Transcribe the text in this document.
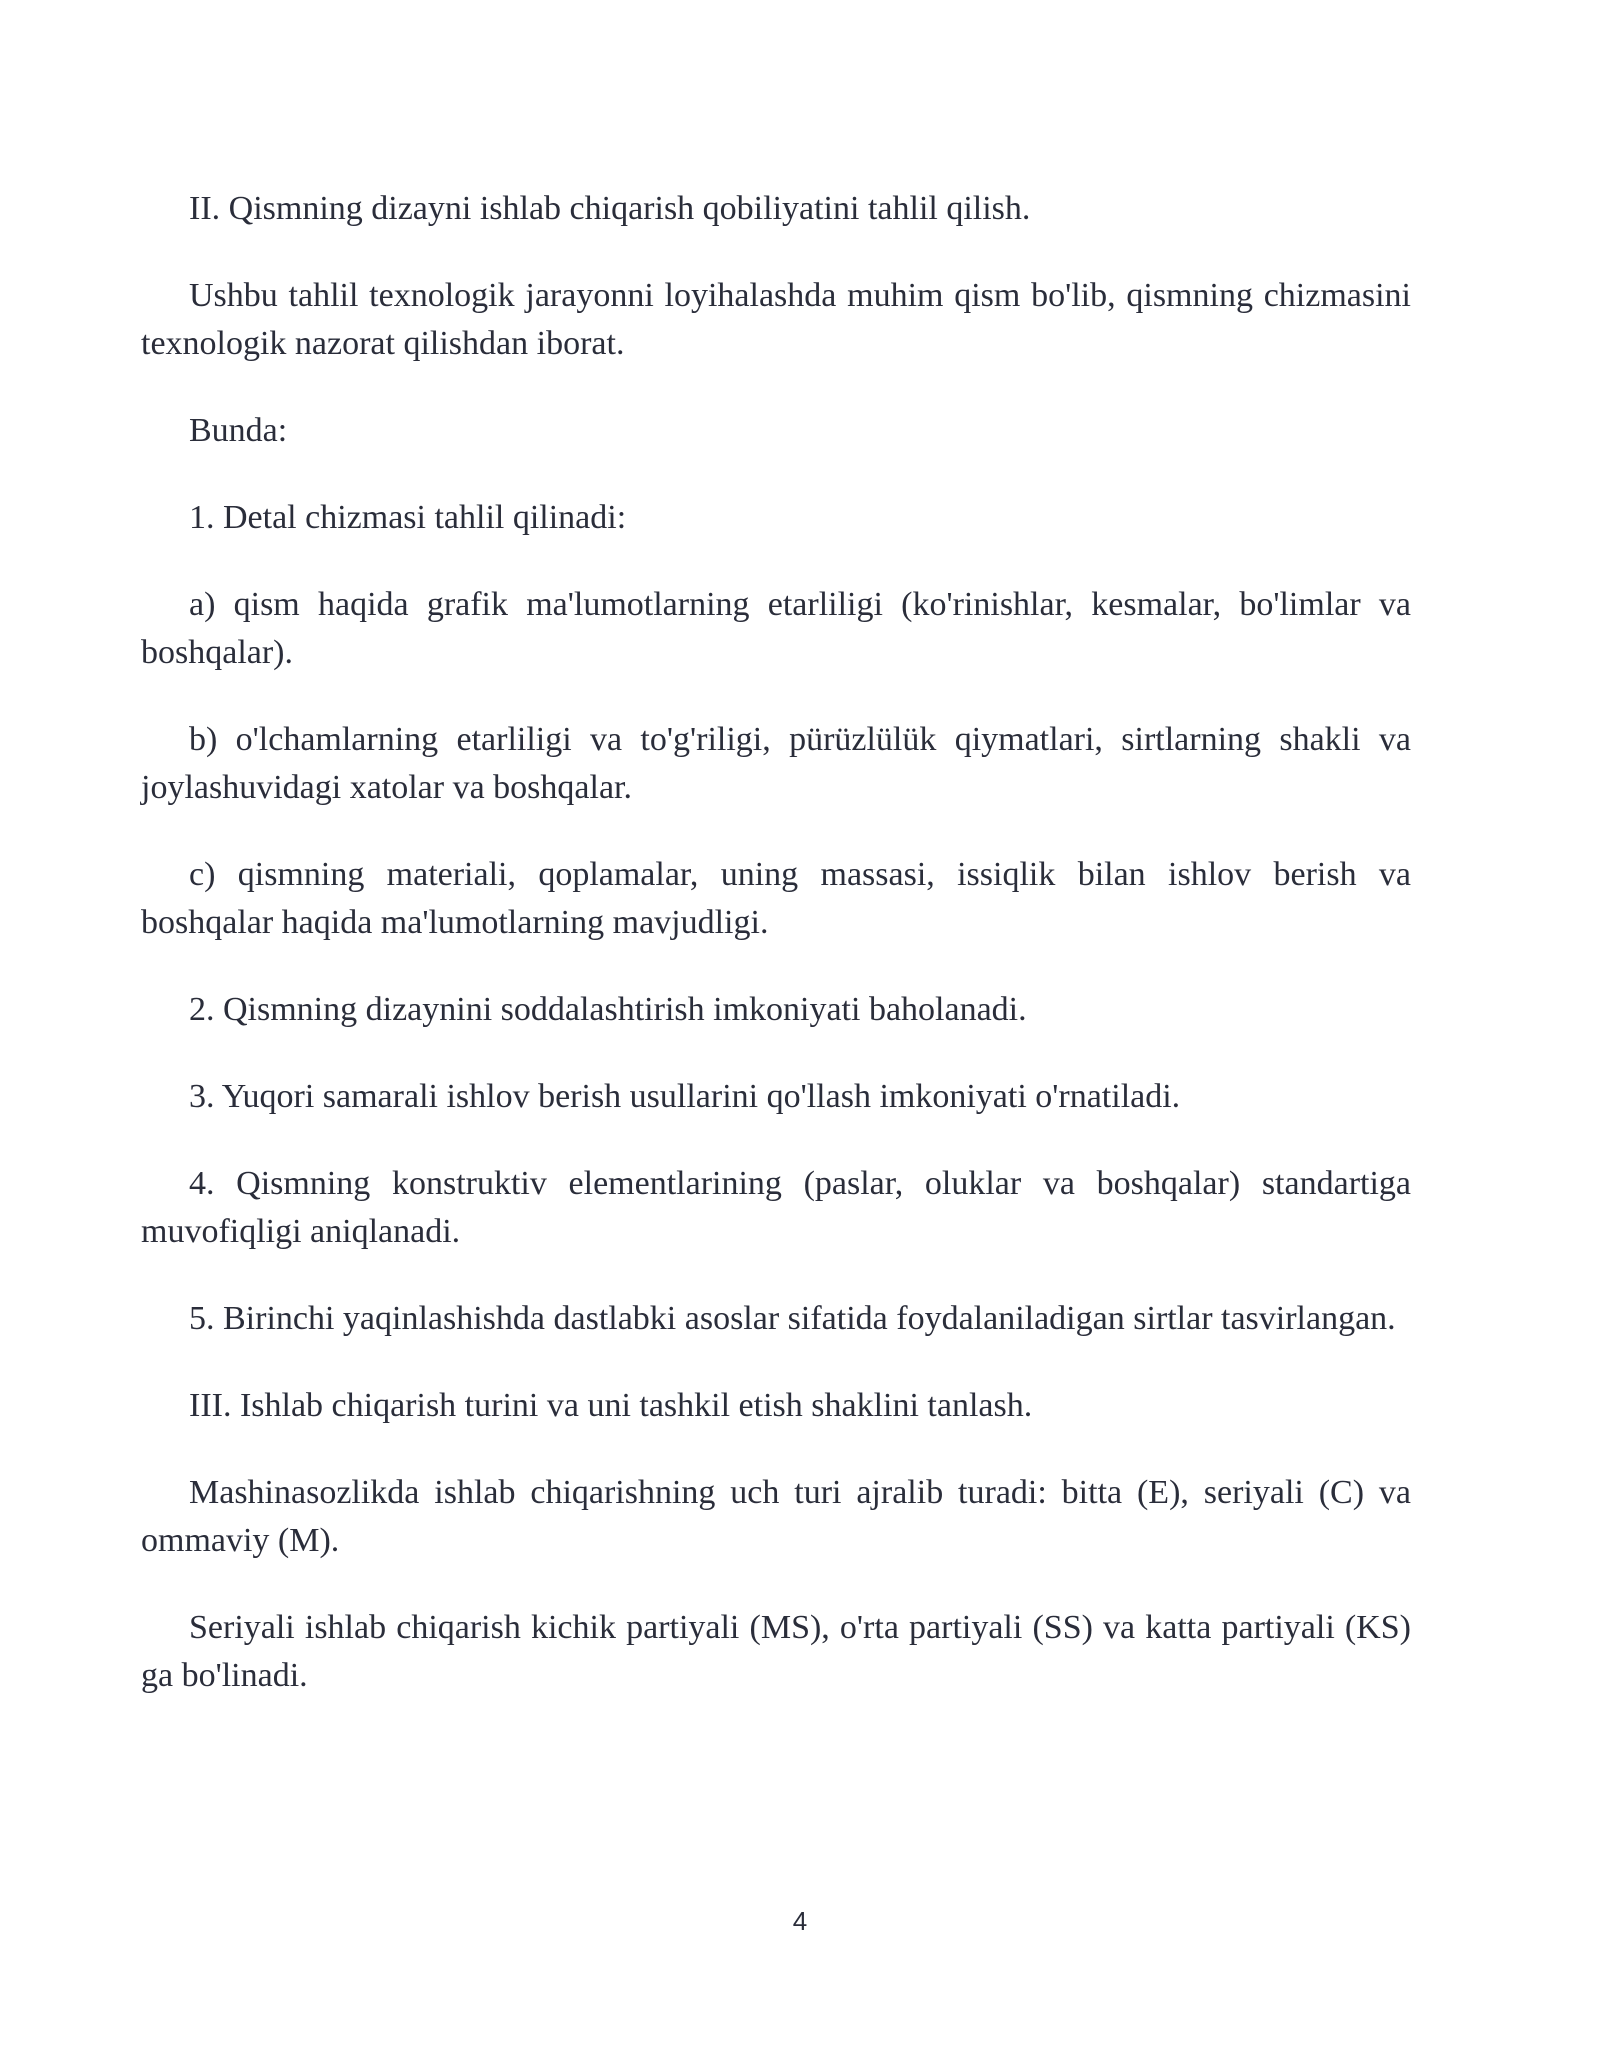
II. Qismning dizayni ishlab chiqarish qobiliyatini tahlil qilish.

Ushbu tahlil texnologik jarayonni loyihalashda muhim qism bo'lib, qismning chizmasini texnologik nazorat qilishdan iborat.

Bunda:

1. Detal chizmasi tahlil qilinadi:

a) qism haqida grafik ma'lumotlarning etarliligi (ko'rinishlar, kesmalar, bo'limlar va boshqalar).

b) o'lchamlarning etarliligi va to'g'riligi, pürüzlülük qiymatlari, sirtlarning shakli va joylashuvidagi xatolar va boshqalar.

c) qismning materiali, qoplamalar, uning massasi, issiqlik bilan ishlov berish va boshqalar haqida ma'lumotlarning mavjudligi.

2. Qismning dizaynini soddalashtirish imkoniyati baholanadi.

3. Yuqori samarali ishlov berish usullarini qo'llash imkoniyati o'rnatiladi.

4. Qismning konstruktiv elementlarining (paslar, oluklar va boshqalar) standartiga muvofiqligi aniqlanadi.

5. Birinchi yaqinlashishda dastlabki asoslar sifatida foydalaniladigan sirtlar tasvirlangan.

III. Ishlab chiqarish turini va uni tashkil etish shaklini tanlash.

Mashinasozlikda ishlab chiqarishning uch turi ajralib turadi: bitta (E), seriyali (C) va ommaviy (M).

Seriyali ishlab chiqarish kichik partiyali (MS), o'rta partiyali (SS) va katta partiyali (KS) ga bo'linadi.

4
